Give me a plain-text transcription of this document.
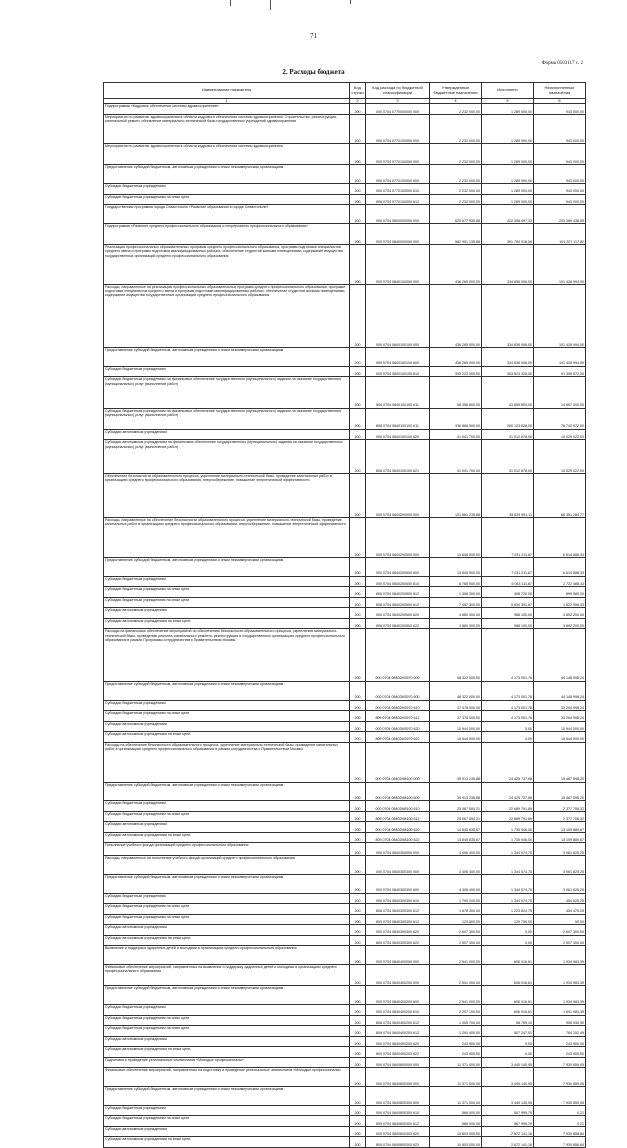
71
Форма 0503117 с. 2
2. Расходы бюджета
Наименование показателя	Код строки	Код расхода по бюджетной классификации	Утвержденные бюджетные назначения	Исполнено	Неисполненные назначения
1	2	3	4	5	6
Подпрограмма «Кадровое обеспечение системы здравоохранения»	200	000 0704 0770000000 000	2 232 000,00	1 289 000,00	943 000,00
Мероприятия по развитию здравоохранения в области кадрового обеспечения системы здравоохранения. Строительство, реконструкция, капитальный ремонт, обновление материально-технической базы государственных учреждений здравоохранения	200	000 0704 0770100000 000	2 232 000,00	1 289 000,00	943 000,00
Мероприятия по развитию здравоохранения в области кадрового обеспечения системы здравоохранения	200	000 0704 0770100000 000	2 232 000,00	1 289 000,00	943 000,00
Предоставление субсидий бюджетным, автономным учреждениям и иным некоммерческим организациям	200	000 0704 0770100000 600	2 232 000,00	1 289 000,00	943 000,00
Субсидии бюджетным учреждениям	200	000 0704 0770100000 610	2 232 000,00	1 289 000,00	943 000,00
Субсидии бюджетным учреждениям на иные цели	200	806 0704 0770100000 612	2 232 000,00	1 289 000,00	943 000,00
Государственная программа города Севастополя «Развитие образования в городе Севастополе»	200	000 0704 0800000000 000	625 677 935,88	422 308 497,33	203 369 438,55
Подпрограмма «Развитие среднего профессионального образования и непрерывного профессионального образования»	200	000 0704 0840000000 000	582 991 135,88	391 784 018,06	191 207 117,82
Реализация профессиональных образовательных программ среднего профессионального образования, программ подготовки специалистов среднего звена и программ подготовки квалифицированных рабочих, обеспечение студентов жилыми помещениями, содержание имущества государственных организаций среднего профессионального образования	200	000 0704 0840100000 000	436 265 000,00	334 836 006,00	101 428 994,00
Расходы, направленные на реализацию профессиональных образовательных программ среднего профессионального образования, программ подготовки специалистов среднего звена и программ подготовки квалифицированных рабочих, обеспечение студентов жилыми помещениями, содержание имущества государственных организаций среднего профессионального образования	200	000 0704 0840100100 000	436 265 000,00	334 836 006,00	101 428 994,00
Предоставление субсидий бюджетным, автономным учреждениям и иным некоммерческим организациям	200	000 0704 0840100100 600	436 265 000,00	334 836 006,00	101 428 994,00
Субсидии бюджетным учреждениям	200	000 0704 0840100100 610	395 223 300,00	303 823 328,00	91 399 972,00
Субсидии бюджетным учреждениям на финансовое обеспечение государственного (муниципального) задания на оказание государственных (муниципальных) услуг (выполнение работ)	200	806 0704 0840100100 611	58 356 800,00	43 699 800,00	14 657 000,00
Субсидии бюджетным учреждениям на финансовое обеспечение государственного (муниципального) задания на оказание государственных (муниципальных) услуг (выполнение работ)	200	808 0704 0840100100 611	336 866 500,00	260 123 528,00	76 742 972,00
Субсидии автономным учреждениям	200	000 0704 0840100100 620	41 041 700,00	31 012 678,00	10 029 022,00
Субсидии автономным учреждениям на финансовое обеспечение государственного (муниципального) задания на оказание государственных (муниципальных) услуг (выполнение работ)	200	806 0704 0840100100 621	41 041 700,00	31 012 678,00	10 029 022,00
Обеспечение безопасности образовательного процесса, укрепление материально-технической базы, проведение капитальных работ в организациях среднего профессионального образования, энергосбережение, повышение энергетической эффективности	200	000 0704 0840200000 000	101 981 235,88	35 629 951,11	66 351 284,77
Расходы, направленные на обеспечение безопасности образовательного процесса, укрепление материально-технической базы, проведение капитальных работ в организациях среднего профессионального образования, энергосбережение, повышение энергетической эффективности	200	000 0704 0840200500 000	13 646 000,00	7 031 211,67	6 614 688,33
Предоставление субсидий бюджетным, автономным учреждениям и иным некоммерческим организациям	200	000 0704 0840200500 600	13 645 900,00	7 031 211,67	6 614 688,33
Субсидии бюджетным учреждениям	200	000 0704 0840200500 610	8 765 000,00	6 043 111,67	2 722 488,33
Субсидии бюджетным учреждениям на иные цели	200	806 0704 0840200500 612	1 308 300,00	408 720,00	899 580,00
Субсидии бюджетным учреждениям на иные цели	200	808 0704 0840200500 612	7 457 300,00	5 634 391,67	1 822 908,33
Субсидии автономным учреждениям	200	000 0704 0840200500 620	4 880 300,00	988 100,00	3 892 200,00
Субсидии автономным учреждениям на иные цели	200	806 0704 0840200500 622	4 880 300,00	988 100,00	3 892 200,00
Расходы на финансовое обеспечение мероприятий по обеспечению безопасности образовательного процесса, укреплению материально-технической базы, проведению ремонта, капитального ремонта, реконструкции в государственных организациях среднего профессионального образования в рамках Программы сотрудничества с Правительством Москвы	200	000 0704 08402М3970 000	48 322 000,00	4 173 001,76	44 148 998,24
Предоставление субсидий бюджетным, автономным учреждениям и иным некоммерческим организациям	200	000 0704 08402М3970 600	48 322 000,00	4 173 001,76	44 148 998,24
Субсидии бюджетным учреждениям	200	000 0704 08402М3970 610	37 378 000,00	4 173 001,76	33 204 998,24
Субсидии бюджетным учреждениям на иные цели	200	809 0704 08402М3970 612	37 378 000,00	4 173 001,76	33 204 998,24
Субсидии автономным учреждениям	200	000 0704 08402М3970 620	10 944 000,00	0,00	10 944 000,00
Субсидии автономным учреждениям на иные цели	200	809 0704 08402М3970 622	10 944 000,00	0,00	10 944 000,00
Расходы на обеспечение безопасности образовательного процесса, укрепление материально-технической базы, проведение капитальных работ в организациях среднего профессионального образования в рамках сотрудничества с Правительством Москвы	200	000 0704 08402М8100 000	39 913 235,88	24 425 737,68	15 487 598,20
Предоставление субсидий бюджетным, автономным учреждениям и иным некоммерческим организациям	200	000 0704 08402М8100 600	39 913 235,88	24 425 737,68	15 487 598,20
Субсидии бюджетным учреждениям	200	000 0704 08402М8100 610	25 067 500,21	22 689 791,89	2 377 708,32
Субсидии бюджетным учреждениям на иные цели	200	809 0704 08402М8100 612	25 067 500,21	22 689 791,89	2 377 708,32
Субсидии автономным учреждениям	200	000 0704 08402М8100 620	14 845 835,67	1 735 946,00	13 109 889,67
Субсидии автономным учреждениям на иные цели	200	809 0704 08402М8100 622	14 845 835,67	1 735 946,00	13 109 889,67
Пополнение учебного фонда организаций среднего профессионального образования	200	000 0704 0840300000 000	4 406 400,00	1 344 574,75	3 061 825,25
Расходы, направленные на пополнение учебного фонда организаций среднего профессионального образования	200	000 0704 0840300300 000	4 406 400,00	1 344 574,75	3 061 825,25
Предоставление субсидий бюджетным, автономным учреждениям и иным некоммерческим организациям	200	000 0704 0840300300 600	4 406 400,00	1 344 574,75	3 061 825,25
Субсидии бюджетным учреждениям	200	000 0704 0840300300 610	1 799 100,00	1 344 574,75	454 525,25
Субсидии бюджетным учреждениям на иные цели	200	806 0704 0840300300 612	1 678 300,00	1 223 824,75	454 475,25
Субсидии бюджетным учреждениям на иные цели	200	809 0704 0840300300 612	120 800,00	120 750,00	50,00
Субсидии автономным учреждениям	200	000 0704 0840300300 620	2 607 300,00	0,00	2 607 300,00
Субсидии автономным учреждениям на иные цели	200	809 0704 0840300300 622	2 607 300,00	0,00	2 607 300,00
Выявление и поддержка одаренных детей и молодежи в организациях среднего профессионального образования	200	000 0704 0840400000 000	2 541 000,00	606 016,61	1 934 983,39
Финансовое обеспечение мероприятий, направленных на выявление и поддержку одаренных детей и молодежи в организациях среднего профессионального образования	200	000 0704 0840400200 000	2 541 000,00	606 016,61	1 934 983,39
Предоставление субсидий бюджетным, автономным учреждениям и иным некоммерческим организациям	200	000 0704 0840400200 600	2 541 000,00	606 016,61	1 934 983,39
Субсидии бюджетным учреждениям	200	000 0704 0840400200 610	2 297 100,00	606 016,61	1 691 083,39
Субсидии бюджетным учреждениям на иные цели	200	806 0704 0840400200 612	1 005 700,00	98 769,10	906 930,90
Субсидии бюджетным учреждениям на иные цели	200	809 0704 0840400200 612	1 291 400,00	507 247,51	784 152,49
Субсидии автономным учреждениям	200	000 0704 0840400200 620	243 900,00	0,00	243 900,00
Субсидии автономным учреждениям на иные цели	200	809 0704 0840400200 622	243 900,00	0,00	243 900,00
Подготовка и проведение региональных чемпионатов «Молодые профессионалы»	200	000 0704 0840800000 000	11 371 000,00	3 440 140,95	7 930 859,05
Финансовое обеспечение мероприятий, направленных на подготовку и проведение региональных чемпионатов «Молодые профессионалы»	200	000 0704 0840800300 000	11 371 000,00	3 440 140,95	7 930 859,05
Предоставление субсидий бюджетным, автономным учреждениям и иным некоммерческим организациям	200	000 0704 0840800300 600	11 371 000,00	3 440 140,95	7 930 859,05
Субсидии бюджетным учреждениям	200	000 0704 0840800300 610	568 000,00	567 999,79	0,21
Субсидии бюджетным учреждениям на иные цели	200	809 0704 0840800300 612	568 000,00	567 999,79	0,21
Субсидии автономным учреждениям	200	000 0704 0840800300 620	10 803 000,00	2 872 141,16	7 930 858,84
Субсидии автономным учреждениям на иные цели	200	809 0704 0840800300 622	10 803 000,00	2 872 141,16	7 930 858,84
